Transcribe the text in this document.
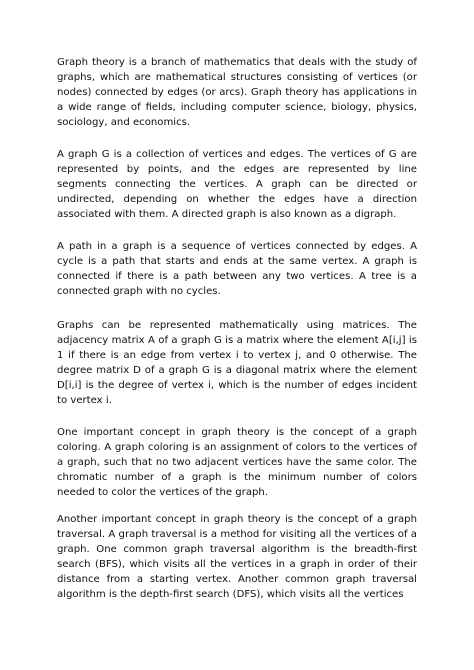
Graph theory is a branch of mathematics that deals with the study of graphs, which are mathematical structures consisting of vertices (or nodes) connected by edges (or arcs). Graph theory has applications in a wide range of fields, including computer science, biology, physics, sociology, and economics.

A graph G is a collection of vertices and edges. The vertices of G are represented by points, and the edges are represented by line segments connecting the vertices. A graph can be directed or undirected, depending on whether the edges have a direction associated with them. A directed graph is also known as a digraph.

A path in a graph is a sequence of vertices connected by edges. A cycle is a path that starts and ends at the same vertex. A graph is connected if there is a path between any two vertices. A tree is a connected graph with no cycles.

Graphs can be represented mathematically using matrices. The adjacency matrix A of a graph G is a matrix where the element A[i,j] is 1 if there is an edge from vertex i to vertex j, and 0 otherwise. The degree matrix D of a graph G is a diagonal matrix where the element D[i,i] is the degree of vertex i, which is the number of edges incident to vertex i.

One important concept in graph theory is the concept of a graph coloring. A graph coloring is an assignment of colors to the vertices of a graph, such that no two adjacent vertices have the same color. The chromatic number of a graph is the minimum number of colors needed to color the vertices of the graph.

Another important concept in graph theory is the concept of a graph traversal. A graph traversal is a method for visiting all the vertices of a graph. One common graph traversal algorithm is the breadth-first search (BFS), which visits all the vertices in a graph in order of their distance from a starting vertex. Another common graph traversal algorithm is the depth-first search (DFS), which visits all the vertices
